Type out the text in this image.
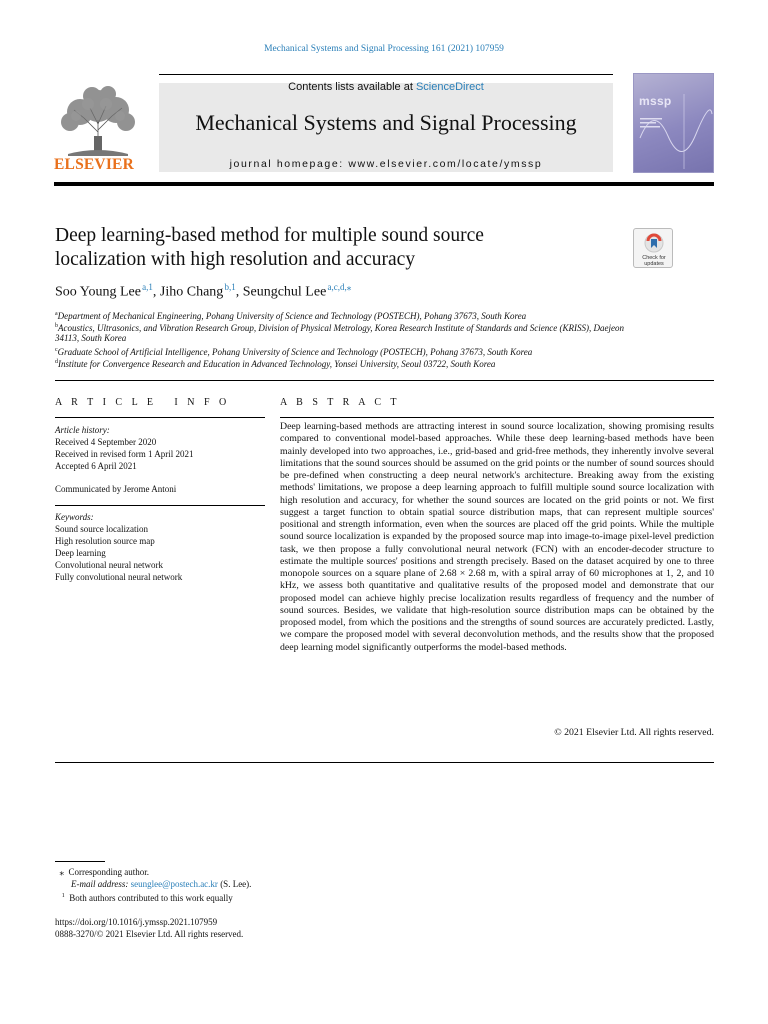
Mechanical Systems and Signal Processing 161 (2021) 107959
ELSEVIER
Contents lists available at ScienceDirect
Mechanical Systems and Signal Processing
journal homepage: www.elsevier.com/locate/ymssp
mssp
Deep learning-based method for multiple sound source
localization with high resolution and accuracy	Check for
updates
Soo Young Lee $^{a,1}$, Jiho Chang $^{b,1}$, Seungchul Lee $^{a,c,d,⁎}$
$^a$Department of Mechanical Engineering, Pohang University of Science and Technology (POSTECH), Pohang 37673, South Korea
$^b$Acoustics, Ultrasonics, and Vibration Research Group, Division of Physical Metrology, Korea Research Institute of Standards and Science (KRISS), Daejeon
34113, South Korea
$^c$Graduate School of Artificial Intelligence, Pohang University of Science and Technology (POSTECH), Pohang 37673, South Korea
$^d$Institute for Convergence Research and Education in Advanced Technology, Yonsei University, Seoul 03722, South Korea
A R T I C L E   I N F O
Article history:
Received 4 September 2020
Received in revised form 1 April 2021
Accepted 6 April 2021
Communicated by Jerome Antoni
Keywords:
Sound source localization
High resolution source map
Deep learning
Convolutional neural network
Fully convolutional neural network
A B S T R A C T
Deep learning-based methods are attracting interest in sound source localization, showing promising results compared to conventional model-based approaches. While these deep learning-based methods have been mainly developed into two approaches, i.e., grid-based and grid-free methods, they inherently involve several limitations that the sound sources should be assumed on the grid points or the number of sound sources should be pre-defined when constructing a deep neural network's architecture. Breaking away from the existing methods' limitations, we propose a deep learning approach to fulfill multiple sound source localization with high resolution and accuracy, for whether the sound sources are located on the grid points or not. We first suggest a target function to obtain spatial source distribution maps, that can represent multiple sources' positional and strength information, even when the sources are placed off the grid points. While the multiple sound source localization is expanded by the proposed source map into image-to-image pixel-level prediction task, we then propose a fully convolutional neural network (FCN) with an encoder-decoder structure to estimate the multiple sources' positions and strength precisely. Based on the dataset acquired by one to three monopole sources on a square plane of 2.68 × 2.68 m, with a spiral array of 60 microphones at 1, 2, and 10 kHz, we assess both quantitative and qualitative results of the proposed model and demonstrate that our proposed model can achieve highly precise localization results regardless of frequency and the number of sound sources. Besides, we validate that high-resolution source distribution maps can be obtained by the proposed model, from which the positions and the strengths of sound sources are accurately predicted. Lastly, we compare the proposed model with several deconvolution methods, and the results show that the proposed deep learning model significantly outperforms the model-based methods.
© 2021 Elsevier Ltd. All rights reserved.
⁎ Corresponding author.
E-mail address: seunglee@postech.ac.kr (S. Lee).
$^1$ Both authors contributed to this work equally
https://doi.org/10.1016/j.ymssp.2021.107959
0888-3270/© 2021 Elsevier Ltd. All rights reserved.
